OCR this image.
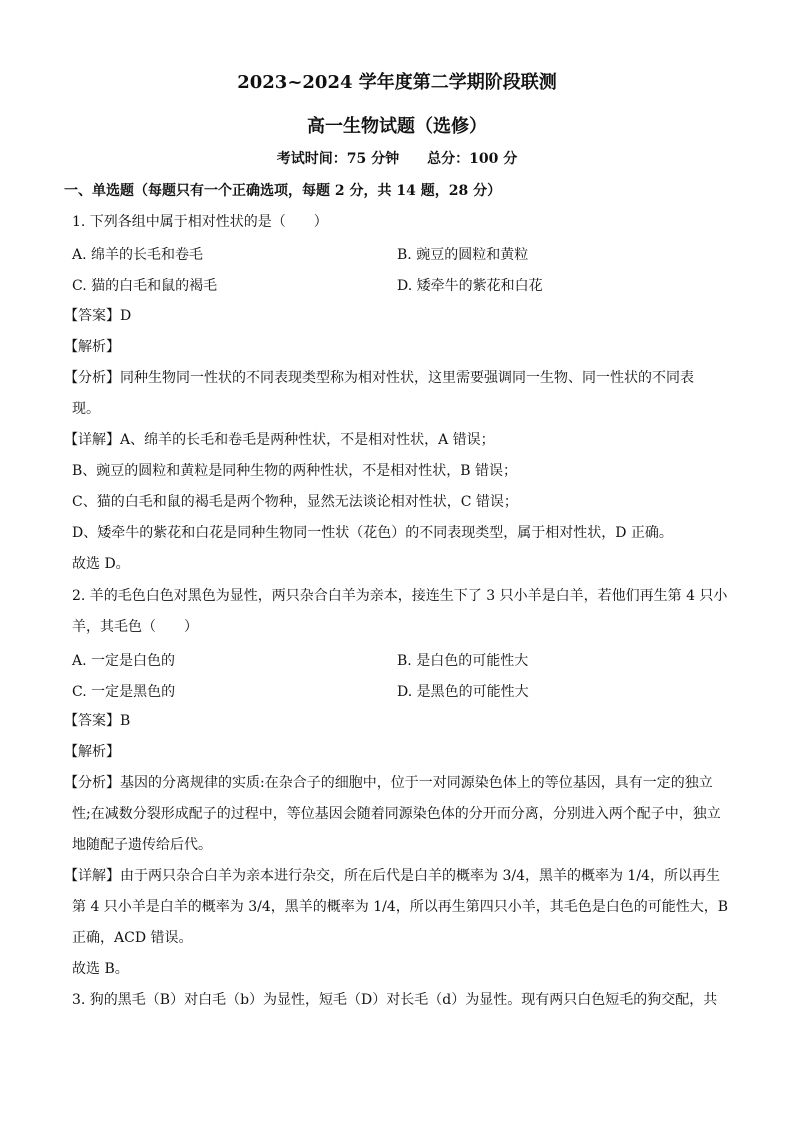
2023~2024 学年度第二学期阶段联测
高一生物试题（选修）
考试时间：75 分钟 总分：100 分
一、单选题（每题只有一个正确选项，每题 2 分，共 14 题，28 分）
1. 下列各组中属于相对性状的是（　　）
A. 绵羊的长毛和卷毛	B. 豌豆的圆粒和黄粒
C. 猫的白毛和鼠的褐毛	D. 矮牵牛的紫花和白花
【答案】D
【解析】
【分析】同种生物同一性状的不同表现类型称为相对性状，这里需要强调同一生物、同一性状的不同表
现。
【详解】A、绵羊的长毛和卷毛是两种性状，不是相对性状，A 错误；
B、豌豆的圆粒和黄粒是同种生物的两种性状，不是相对性状，B 错误；
C、猫的白毛和鼠的褐毛是两个物种，显然无法谈论相对性状，C 错误；
D、矮牵牛的紫花和白花是同种生物同一性状（花色）的不同表现类型，属于相对性状，D 正确。
故选 D。
2. 羊的毛色白色对黑色为显性，两只杂合白羊为亲本，接连生下了 3 只小羊是白羊，若他们再生第 4 只小
羊，其毛色（　　）
A. 一定是白色的	B. 是白色的可能性大
C. 一定是黑色的	D. 是黑色的可能性大
【答案】B
【解析】
【分析】基因的分离规律的实质:在杂合子的细胞中，位于一对同源染色体上的等位基因，具有一定的独立
性;在减数分裂形成配子的过程中，等位基因会随着同源染色体的分开而分离，分别进入两个配子中，独立
地随配子遗传给后代。
【详解】由于两只杂合白羊为亲本进行杂交，所在后代是白羊的概率为 3/4，黑羊的概率为 1/4，所以再生
第 4 只小羊是白羊的概率为 3/4，黑羊的概率为 1/4，所以再生第四只小羊，其毛色是白色的可能性大，B
正确，ACD 错误。
故选 B。
3. 狗的黑毛（B）对白毛（b）为显性，短毛（D）对长毛（d）为显性。现有两只白色短毛的狗交配，共
